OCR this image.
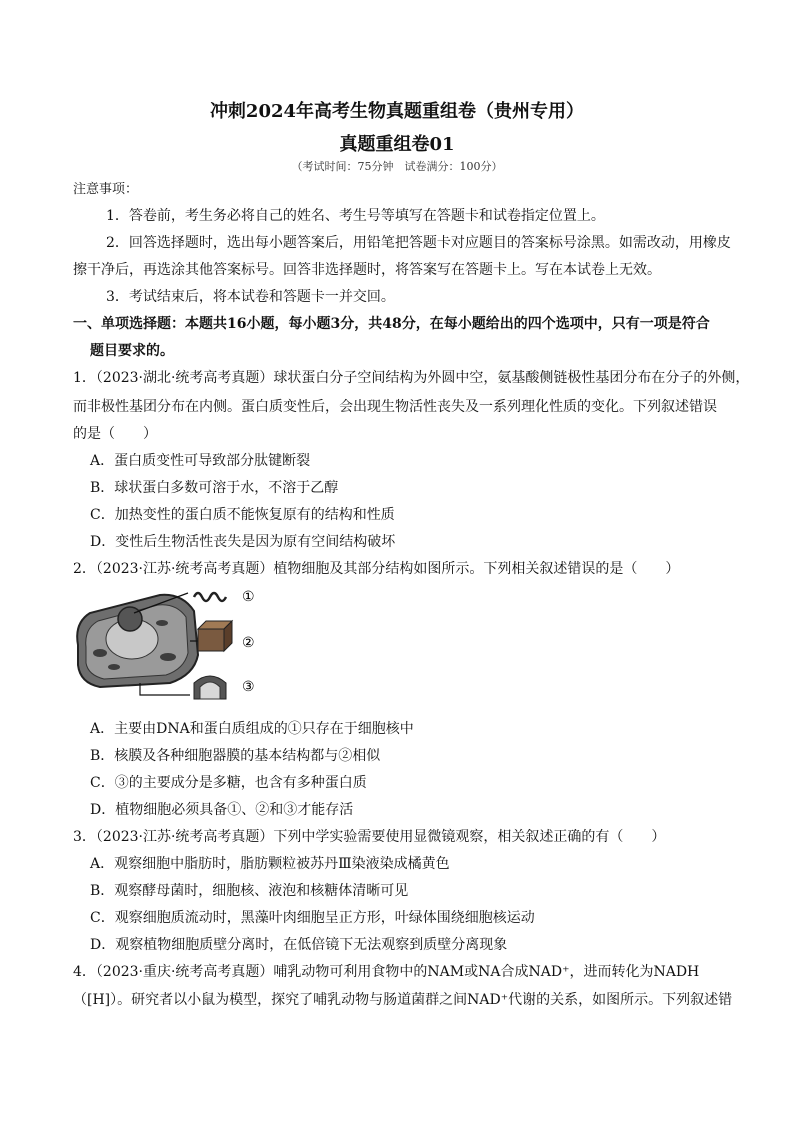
冲刺2024年高考生物真题重组卷（贵州专用）
真题重组卷01
（考试时间：75分钟　试卷满分：100分）
注意事项：
1．答卷前，考生务必将自己的姓名、考生号等填写在答题卡和试卷指定位置上。
2．回答选择题时，选出每小题答案后，用铅笔把答题卡对应题目的答案标号涂黑。如需改动，用橡皮
擦干净后，再选涂其他答案标号。回答非选择题时，将答案写在答题卡上。写在本试卷上无效。
3．考试结束后，将本试卷和答题卡一并交回。
一、单项选择题：本题共16小题，每小题3分，共48分，在每小题给出的四个选项中，只有一项是符合
题目要求的。
1．（2023·湖北·统考高考真题）球状蛋白分子空间结构为外圆中空，氨基酸侧链极性基团分布在分子的外侧，
而非极性基团分布在内侧。蛋白质变性后，会出现生物活性丧失及一系列理化性质的变化。下列叙述错误
的是（　　）
A．蛋白质变性可导致部分肽键断裂
B．球状蛋白多数可溶于水，不溶于乙醇
C．加热变性的蛋白质不能恢复原有的结构和性质
D．变性后生物活性丧失是因为原有空间结构破坏
2．（2023·江苏·统考高考真题）植物细胞及其部分结构如图所示。下列相关叙述错误的是（　　）
①
②
③
A．主要由DNA和蛋白质组成的①只存在于细胞核中
B．核膜及各种细胞器膜的基本结构都与②相似
C．③的主要成分是多糖，也含有多种蛋白质
D．植物细胞必须具备①、②和③才能存活
3．（2023·江苏·统考高考真题）下列中学实验需要使用显微镜观察，相关叙述正确的有（　　）
A．观察细胞中脂肪时，脂肪颗粒被苏丹Ⅲ染液染成橘黄色
B．观察酵母菌时，细胞核、液泡和核糖体清晰可见
C．观察细胞质流动时，黑藻叶肉细胞呈正方形，叶绿体围绕细胞核运动
D．观察植物细胞质壁分离时，在低倍镜下无法观察到质壁分离现象
4．（2023·重庆·统考高考真题）哺乳动物可利用食物中的NAM或NA合成NAD⁺，进而转化为NADH
（[H]）。研究者以小鼠为模型，探究了哺乳动物与肠道菌群之间NAD⁺代谢的关系，如图所示。下列叙述错
